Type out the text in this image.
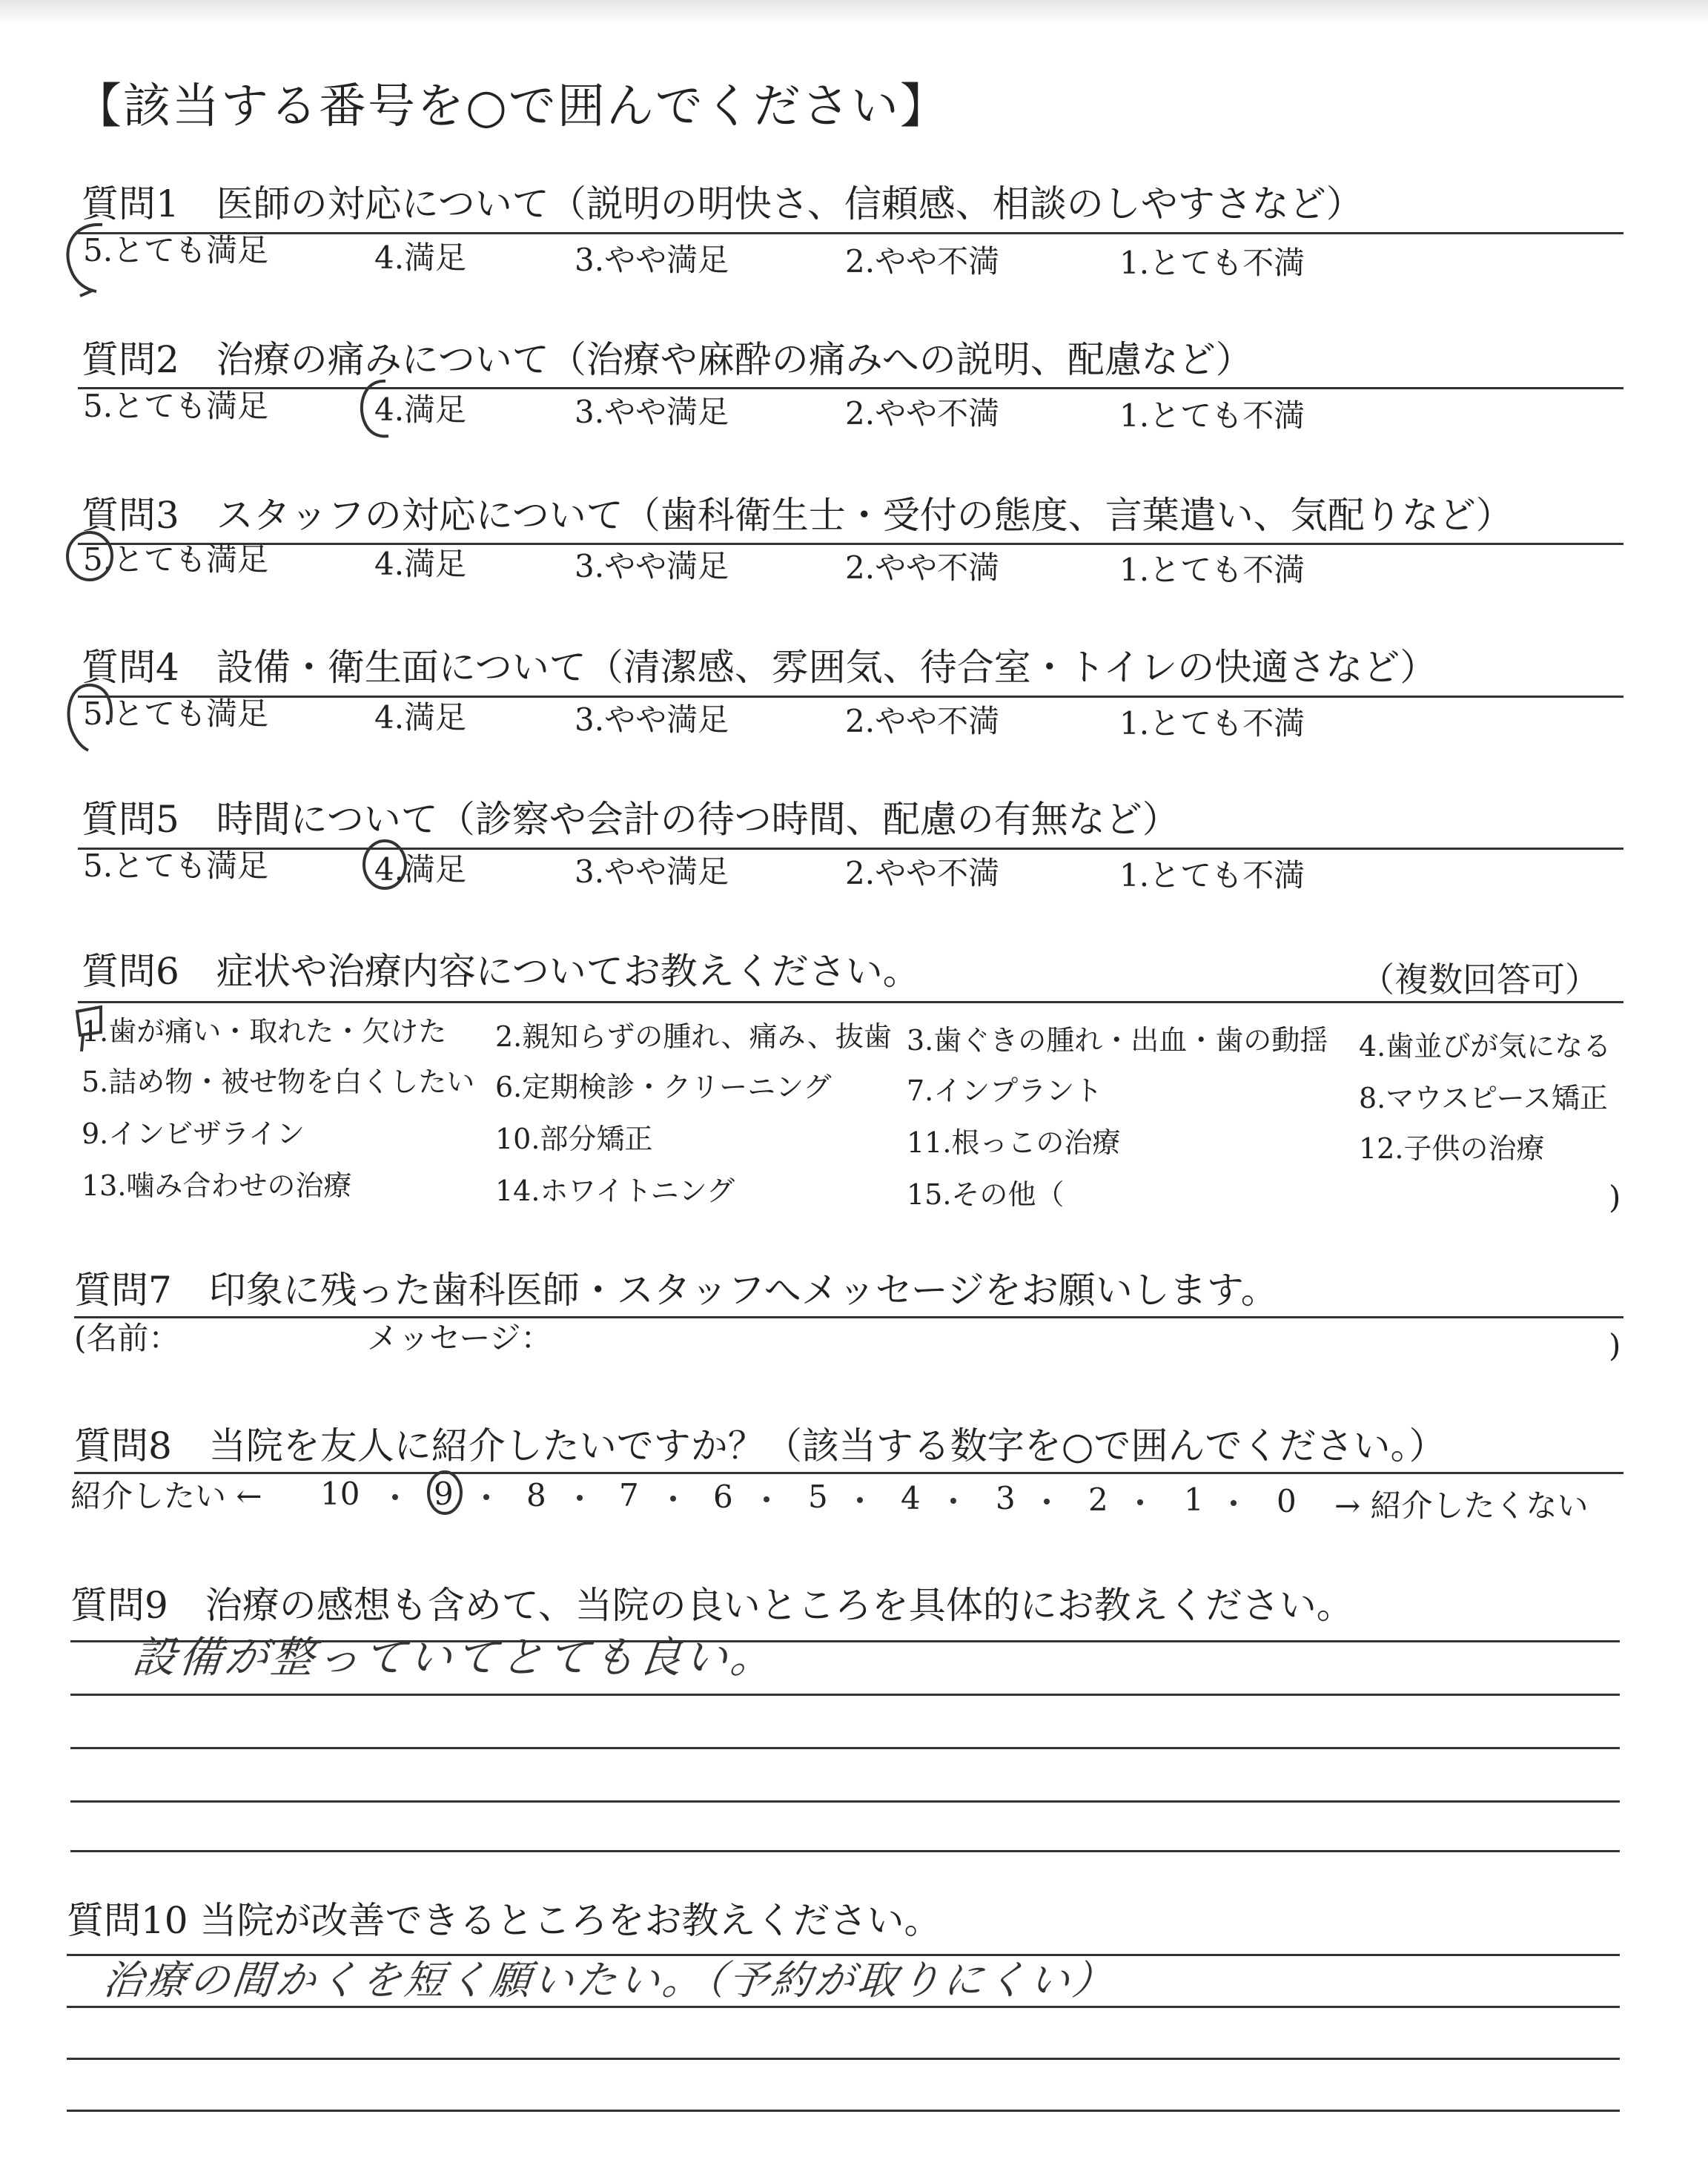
【該当する番号を○で囲んでください】
質問1　医師の対応について（説明の明快さ、信頼感、相談のしやすさなど）
5.とても満足	4.満足	3.やや満足	2.やや不満	1.とても不満
質問2　治療の痛みについて（治療や麻酔の痛みへの説明、配慮など）
5.とても満足	4.満足	3.やや満足	2.やや不満	1.とても不満
質問3　スタッフの対応について（歯科衛生士・受付の態度、言葉遣い、気配りなど）
5.とても満足	4.満足	3.やや満足	2.やや不満	1.とても不満
質問4　設備・衛生面について（清潔感、雰囲気、待合室・トイレの快適さなど）
5.とても満足	4.満足	3.やや満足	2.やや不満	1.とても不満
質問5　時間について（診察や会計の待つ時間、配慮の有無など）
5.とても満足	4.満足	3.やや満足	2.やや不満	1.とても不満
質問6　症状や治療内容についてお教えください。	（複数回答可）
1.歯が痛い・取れた・欠けた 2.親知らずの腫れ、痛み、抜歯 3.歯ぐきの腫れ・出血・歯の動揺 4.歯並びが気になる
5.詰め物・被せ物を白くしたい 6.定期検診・クリーニング	7.インプラント	8.マウスピース矯正
9.インビザライン	10.部分矯正	11.根っこの治療	12.子供の治療
13.噛み合わせの治療	14.ホワイトニング	15.その他（	)
質問7　印象に残った歯科医師・スタッフへメッセージをお願いします。
(名前：	メッセージ：	)
質問8　当院を友人に紹介したいですか？（該当する数字を○で囲んでください。）
紹介したい ← 10 9 8 7 6 5 4 3 2 1 0 → 紹介したくない
質問9　治療の感想も含めて、当院の良いところを具体的にお教えください。
設備が整っていてとても良い。
質問10 当院が改善できるところをお教えください。
治療の間かくを短く願いたい。（予約が取りにくい）
